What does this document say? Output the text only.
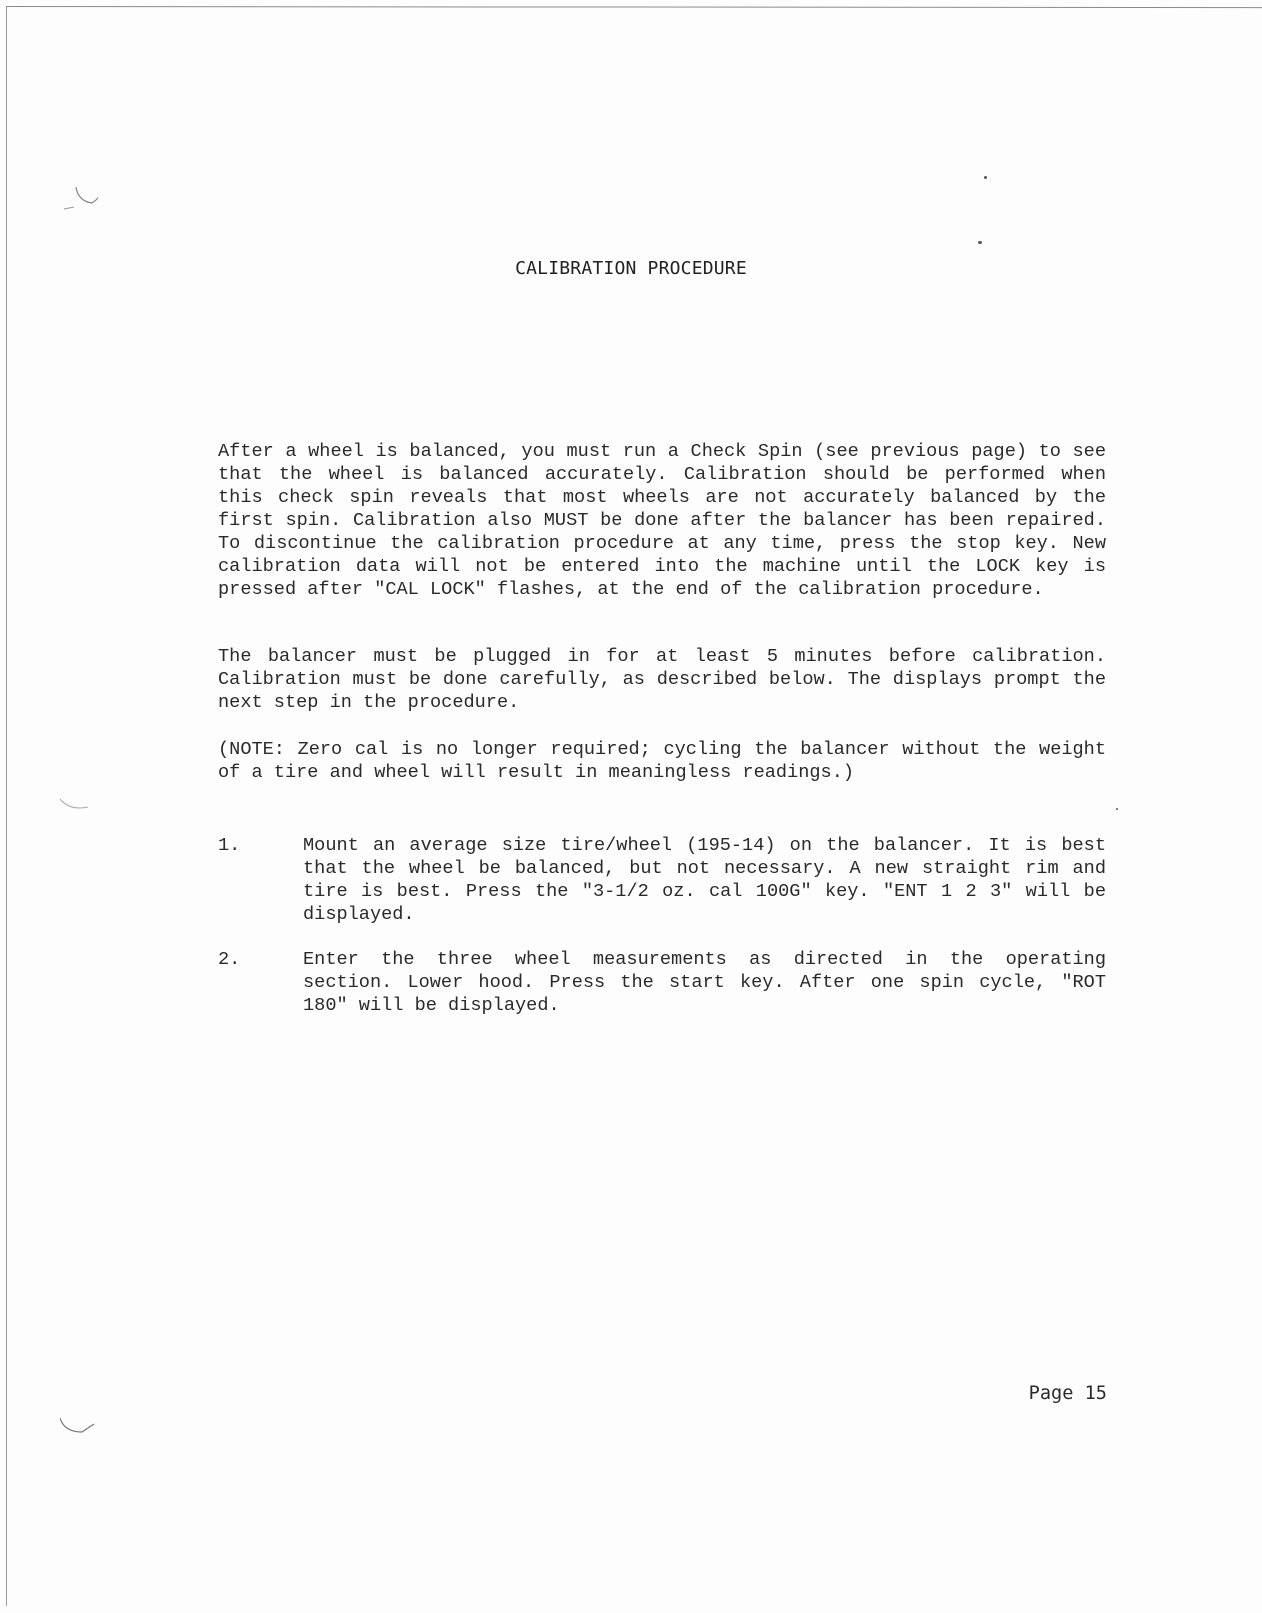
CALIBRATION PROCEDURE

After a wheel is balanced, you must run a Check Spin (see previous page) to see that the wheel is balanced accurately. Calibration should be performed when this check spin reveals that most wheels are not accurately balanced by the first spin. Calibration also MUST be done after the balancer has been repaired. To discontinue the calibration procedure at any time, press the stop key. New calibration data will not be entered into the machine until the LOCK key is pressed after "CAL LOCK" flashes, at the end of the calibration procedure.

The balancer must be plugged in for at least 5 minutes before calibration. Calibration must be done carefully, as described below. The displays prompt the next step in the procedure.

(NOTE: Zero cal is no longer required; cycling the balancer without the weight of a tire and wheel will result in meaningless readings.)

1.	Mount an average size tire/wheel (195-14) on the balancer. It is best that the wheel be balanced, but not necessary. A new straight rim and tire is best. Press the "3-1/2 oz. cal 100G" key. "ENT 1 2 3" will be displayed.

2.	Enter the three wheel measurements as directed in the operating section. Lower hood. Press the start key. After one spin cycle, "ROT 180" will be displayed.

Page 15
